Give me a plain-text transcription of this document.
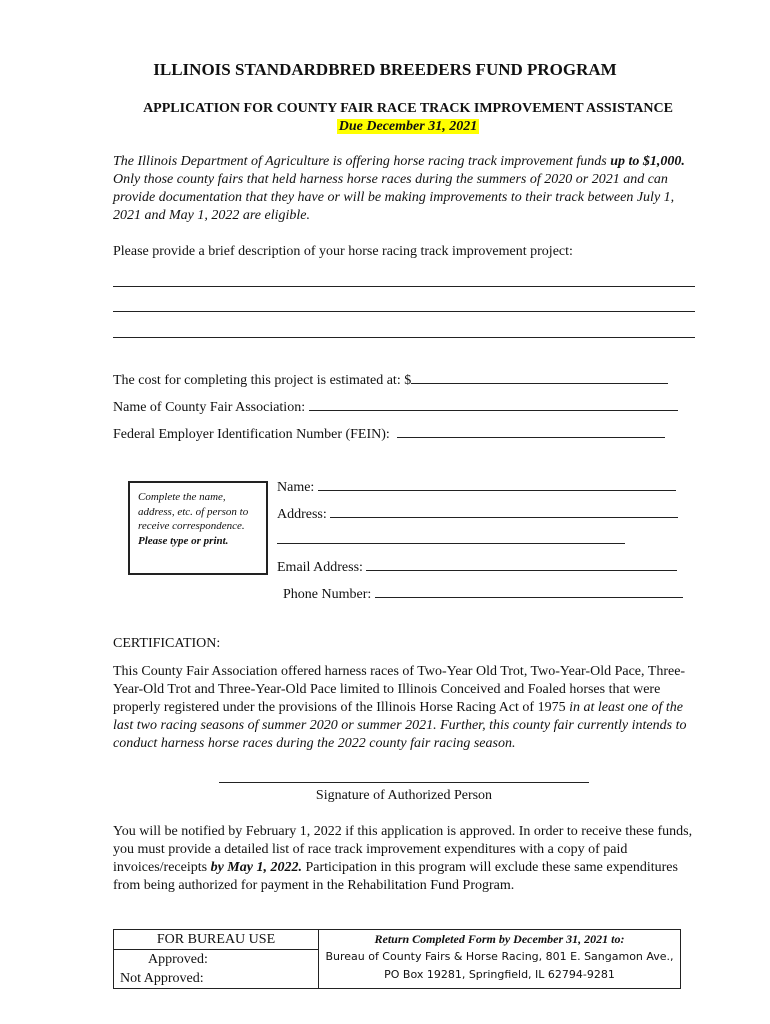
ILLINOIS STANDARDBRED BREEDERS FUND PROGRAM
APPLICATION FOR COUNTY FAIR RACE TRACK IMPROVEMENT ASSISTANCE
Due December 31, 2021
The Illinois Department of Agriculture is offering horse racing track improvement funds up to $1,000. Only those county fairs that held harness horse races during the summers of 2020 or 2021 and can provide documentation that they have or will be making improvements to their track between July 1, 2021 and May 1, 2022 are eligible.
Please provide a brief description of your horse racing track improvement project:
The cost for completing this project is estimated at: $
Name of County Fair Association:
Federal Employer Identification Number (FEIN):
Complete the name, address, etc. of person to receive correspondence. Please type or print.
Name:
Address:
Email Address:
Phone Number:
CERTIFICATION:
This County Fair Association offered harness races of Two-Year Old Trot, Two-Year-Old Pace, Three-Year-Old Trot and Three-Year-Old Pace limited to Illinois Conceived and Foaled horses that were properly registered under the provisions of the Illinois Horse Racing Act of 1975 in at least one of the last two racing seasons of summer 2020 or summer 2021. Further, this county fair currently intends to conduct harness horse races during the 2022 county fair racing season.
Signature of Authorized Person
You will be notified by February 1, 2022 if this application is approved. In order to receive these funds, you must provide a detailed list of race track improvement expenditures with a copy of paid invoices/receipts by May 1, 2022. Participation in this program will exclude these same expenditures from being authorized for payment in the Rehabilitation Fund Program.
FOR BUREAU USE
Approved:
Not Approved:

Return Completed Form by December 31, 2021 to:
Bureau of County Fairs & Horse Racing, 801 E. Sangamon Ave.,
PO Box 19281, Springfield, IL 62794-9281
